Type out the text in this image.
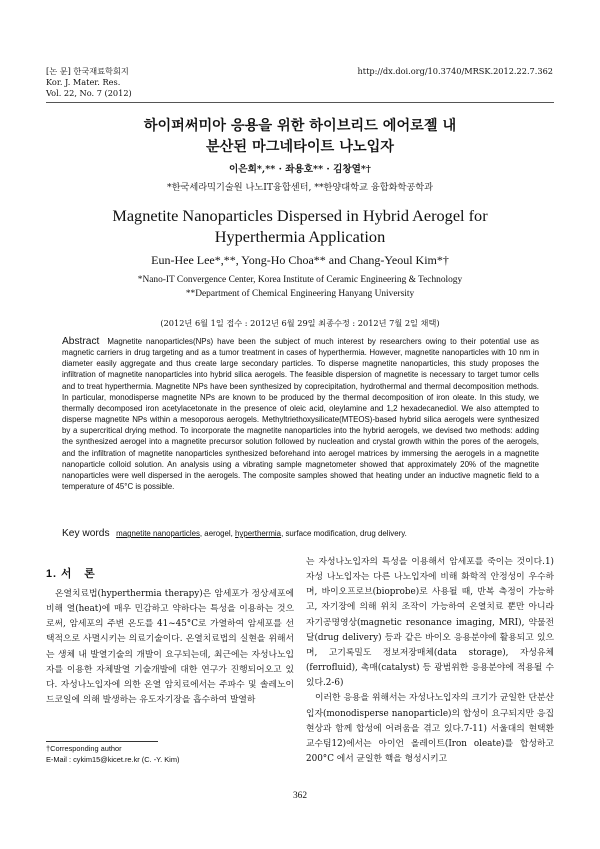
[논 문] 한국재료학회지
Kor. J. Mater. Res.
Vol. 22, No. 7 (2012)
http://dx.doi.org/10.3740/MRSK.2012.22.7.362
하이퍼써미아 응용을 위한 하이브리드 에어로젤 내
분산된 마그네타이트 나노입자
이은희*,** · 좌용호** · 김창열*†
*한국세라믹기술원 나노IT융합센터, **한양대학교 융합화학공학과
Magnetite Nanoparticles Dispersed in Hybrid Aerogel for
Hyperthermia Application
Eun-Hee Lee*,**, Yong-Ho Choa** and Chang-Yeoul Kim*†
*Nano-IT Convergence Center, Korea Institute of Ceramic Engineering & Technology
**Department of Chemical Engineering Hanyang University
(2012년 6월 1일 접수 : 2012년 6월 29일 최종수정 : 2012년 7월 2일 채택)
Abstract Magnetite nanoparticles(NPs) have been the subject of much interest by researchers owing to their potential use as magnetic carriers in drug targeting and as a tumor treatment in cases of hyperthermia. However, magnetite nanoparticles with 10 nm in diameter easily aggregate and thus create large secondary particles. To disperse magnetite nanoparticles, this study proposes the infiltration of magnetite nanoparticles into hybrid silica aerogels. The feasible dispersion of magnetite is necessary to target tumor cells and to treat hyperthermia. Magnetite NPs have been synthesized by coprecipitation, hydrothermal and thermal decomposition methods. In particular, monodisperse magnetite NPs are known to be produced by the thermal decomposition of iron oleate. In this study, we thermally decomposed iron acetylacetonate in the presence of oleic acid, oleylamine and 1,2 hexadecanediol. We also attempted to disperse magnetite NPs within a mesoporous aerogels. Methyltriethoxysilicate(MTEOS)-based hybrid silica aerogels were synthesized by a supercritical drying method. To incorporate the magnetite nanoparticles into the hybrid aerogels, we devised two methods: adding the synthesized aerogel into a magnetite precursor solution followed by nucleation and crystal growth within the pores of the aerogels, and the infiltration of magnetite nanoparticles synthesized beforehand into aerogel matrices by immersing the aerogels in a magnetite nanoparticle colloid solution. An analysis using a vibrating sample magnetometer showed that approximately 20% of the magnetite nanoparticles were well dispersed in the aerogels. The composite samples showed that heating under an inductive magnetic field to a temperature of 45°C is possible.
Key words magnetite nanoparticles, aerogel, hyperthermia, surface modification, drug delivery.
1. 서　론
온열치료법(hyperthermia therapy)은 암세포가 정상세포에 비해 열(heat)에 매우 민감하고 약하다는 특성을 이용하는 것으로써, 암세포의 주변 온도를 41~45°C로 가열하여 암세포를 선택적으로 사멸시키는 의료기술이다. 온열치료법의 실현을 위해서는 생체 내 발열기술의 개발이 요구되는데, 최근에는 자성나노입자를 이용한 자체발열 기술개발에 대한 연구가 진행되어오고 있다. 자성나노입자에 의한 온열 암치료에서는 주파수 및 솔레노이드코일에 의해 발생하는 유도자기장을 흡수하여 발열하

는 자성나노입자의 특성을 이용해서 암세포를 죽이는 것이다.1) 자성 나노입자는 다른 나노입자에 비해 화학적 안정성이 우수하며, 바이오프로브(bioprobe)로 사용될 때, 반복 측정이 가능하고, 자기장에 의해 위치 조작이 가능하여 온열치료 뿐만 아니라 자기공명영상(magnetic resonance imaging, MRI), 약물전달(drug delivery) 등과 같은 바이오 응용분야에 활용되고 있으며, 고기록밀도 정보저장매체(data storage), 자성유체(ferrofluid), 촉매(catalyst) 등 광범위한 응용분야에 적용될 수 있다.2-6)

이러한 응용을 위해서는 자성나노입자의 크기가 균일한 단분산입자(monodisperse nanoparticle)의 합성이 요구되지만 응집 현상과 함께 합성에 어려움을 겪고 있다.7-11) 서울대의 현택환 교수팀12)에서는 아이언 올레이트(Iron oleate)를 합성하고 200°C 에서 균일한 핵을 형성시키고

†Corresponding author
E-Mail : cykim15@kicet.re.kr (C. -Y. Kim)
362
